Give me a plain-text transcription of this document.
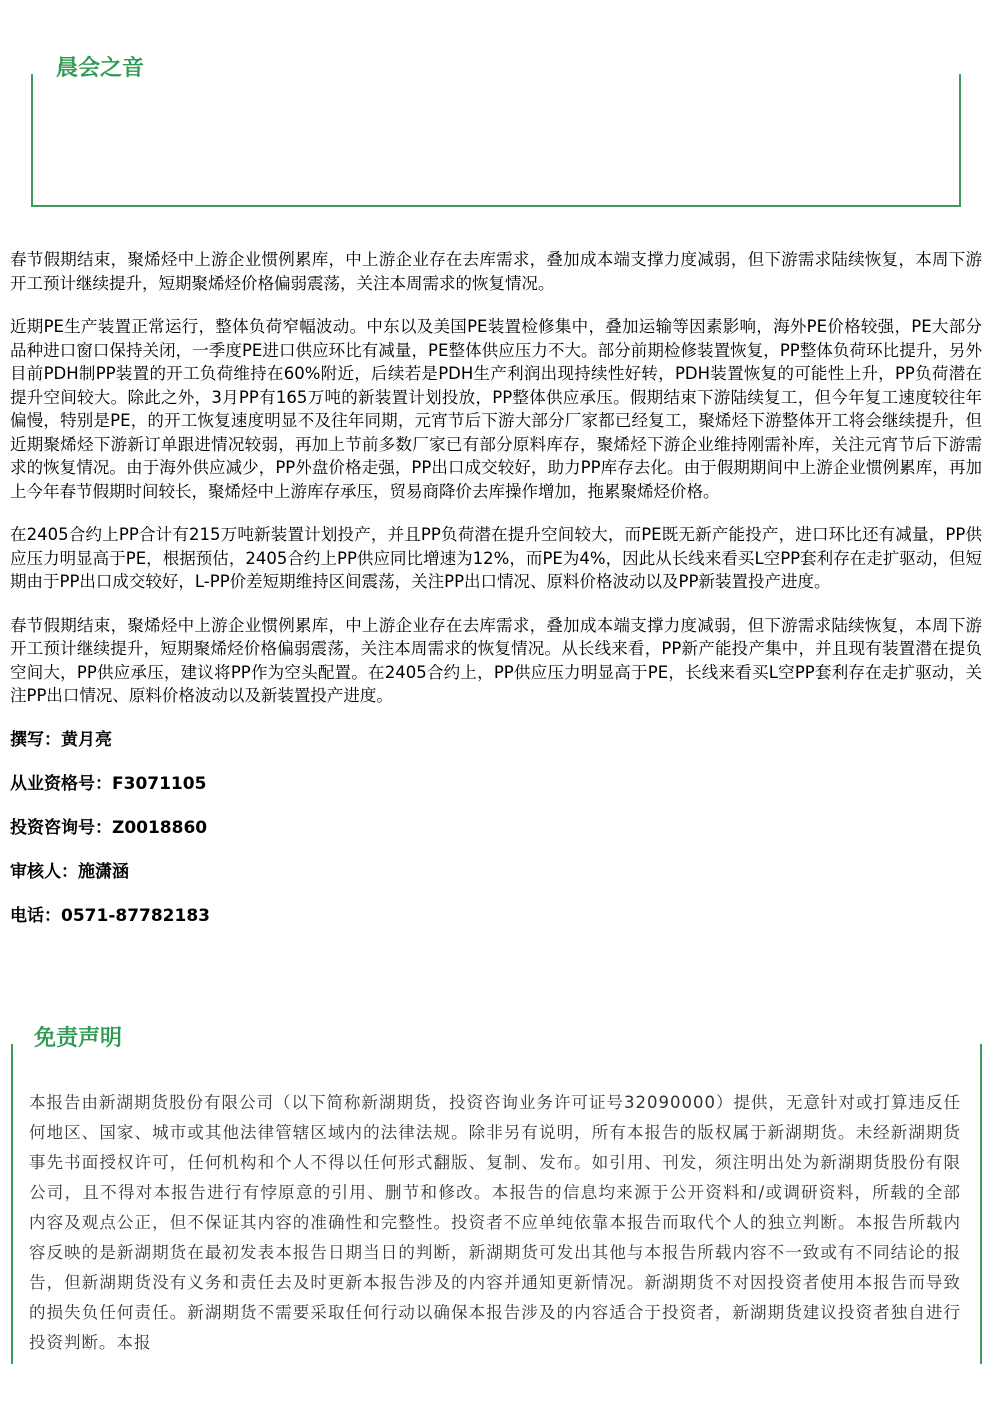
晨会之音

春节假期结束，聚烯烃中上游企业惯例累库，中上游企业存在去库需求，叠加成本端支撑力度减弱，但下游需求陆续恢复，本周下游开工预计继续提升，短期聚烯烃价格偏弱震荡，关注本周需求的恢复情况。

近期PE生产装置正常运行，整体负荷窄幅波动。中东以及美国PE装置检修集中，叠加运输等因素影响，海外PE价格较强，PE大部分品种进口窗口保持关闭，一季度PE进口供应环比有减量，PE整体供应压力不大。部分前期检修装置恢复，PP整体负荷环比提升，另外目前PDH制PP装置的开工负荷维持在60%附近，后续若是PDH生产利润出现持续性好转，PDH装置恢复的可能性上升，PP负荷潜在提升空间较大。除此之外，3月PP有165万吨的新装置计划投放，PP整体供应承压。假期结束下游陆续复工，但今年复工速度较往年偏慢，特别是PE，的开工恢复速度明显不及往年同期，元宵节后下游大部分厂家都已经复工，聚烯烃下游整体开工将会继续提升，但近期聚烯烃下游新订单跟进情况较弱，再加上节前多数厂家已有部分原料库存，聚烯烃下游企业维持刚需补库，关注元宵节后下游需求的恢复情况。由于海外供应减少，PP外盘价格走强，PP出口成交较好，助力PP库存去化。由于假期期间中上游企业惯例累库，再加上今年春节假期时间较长，聚烯烃中上游库存承压，贸易商降价去库操作增加，拖累聚烯烃价格。

在2405合约上PP合计有215万吨新装置计划投产，并且PP负荷潜在提升空间较大，而PE既无新产能投产，进口环比还有减量，PP供应压力明显高于PE，根据预估，2405合约上PP供应同比增速为12%，而PE为4%，因此从长线来看买L空PP套利存在走扩驱动，但短期由于PP出口成交较好，L-PP价差短期维持区间震荡，关注PP出口情况、原料价格波动以及PP新装置投产进度。

春节假期结束，聚烯烃中上游企业惯例累库，中上游企业存在去库需求，叠加成本端支撑力度减弱，但下游需求陆续恢复，本周下游开工预计继续提升，短期聚烯烃价格偏弱震荡，关注本周需求的恢复情况。从长线来看，PP新产能投产集中，并且现有装置潜在提负空间大，PP供应承压，建议将PP作为空头配置。在2405合约上，PP供应压力明显高于PE，长线来看买L空PP套利存在走扩驱动，关注PP出口情况、原料价格波动以及新装置投产进度。

撰写：黄月亮

从业资格号：F3071105

投资咨询号：Z0018860

审核人：施潇涵

电话：0571-87782183

免责声明

本报告由新湖期货股份有限公司（以下简称新湖期货，投资咨询业务许可证号32090000）提供，无意针对或打算违反任何地区、国家、城市或其他法律管辖区域内的法律法规。除非另有说明，所有本报告的版权属于新湖期货。未经新湖期货事先书面授权许可，任何机构和个人不得以任何形式翻版、复制、发布。如引用、刊发，须注明出处为新湖期货股份有限公司，且不得对本报告进行有悖原意的引用、删节和修改。本报告的信息均来源于公开资料和/或调研资料，所载的全部内容及观点公正，但不保证其内容的准确性和完整性。投资者不应单纯依靠本报告而取代个人的独立判断。本报告所载内容反映的是新湖期货在最初发表本报告日期当日的判断，新湖期货可发出其他与本报告所载内容不一致或有不同结论的报告，但新湖期货没有义务和责任去及时更新本报告涉及的内容并通知更新情况。新湖期货不对因投资者使用本报告而导致的损失负任何责任。新湖期货不需要采取任何行动以确保本报告涉及的内容适合于投资者，新湖期货建议投资者独自进行投资判断。本报
